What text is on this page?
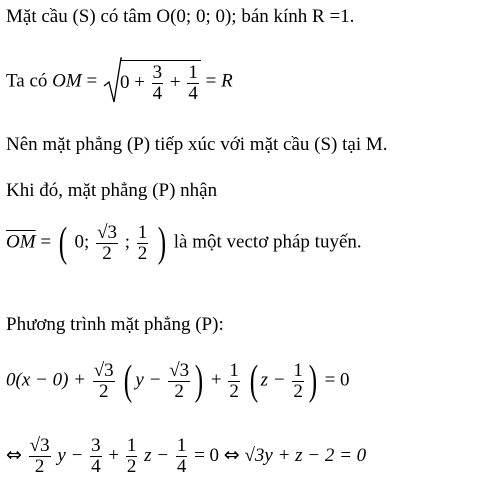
Mặt cầu (S) có tâm O(0; 0; 0); bán kính R =1.
Ta có OM = $0 + \frac{3}{4} + \frac{1}{4} = R$
Nên mặt phẳng (P) tiếp xúc với mặt cầu (S) tại M.
Khi đó, mặt phẳng (P) nhận
$\overline{OM}$ = ( 0; $\frac{√3}{2}$ ; $\frac{1}{2}$ ) là một vectơ pháp tuyến.
Phương trình mặt phẳng (P):
$0(x - 0) + \frac{√3}{2}$ ( $y - \frac{√3}{2}$ ) + $\frac{1}{2}$ ( $z - \frac{1}{2}$ ) = 0
⇔ $\frac{√3}{2}$ $y - \frac{3}{4} + \frac{1}{2}$ $z - \frac{1}{4} = 0$ ⇔ √3y + z − 2 = 0
